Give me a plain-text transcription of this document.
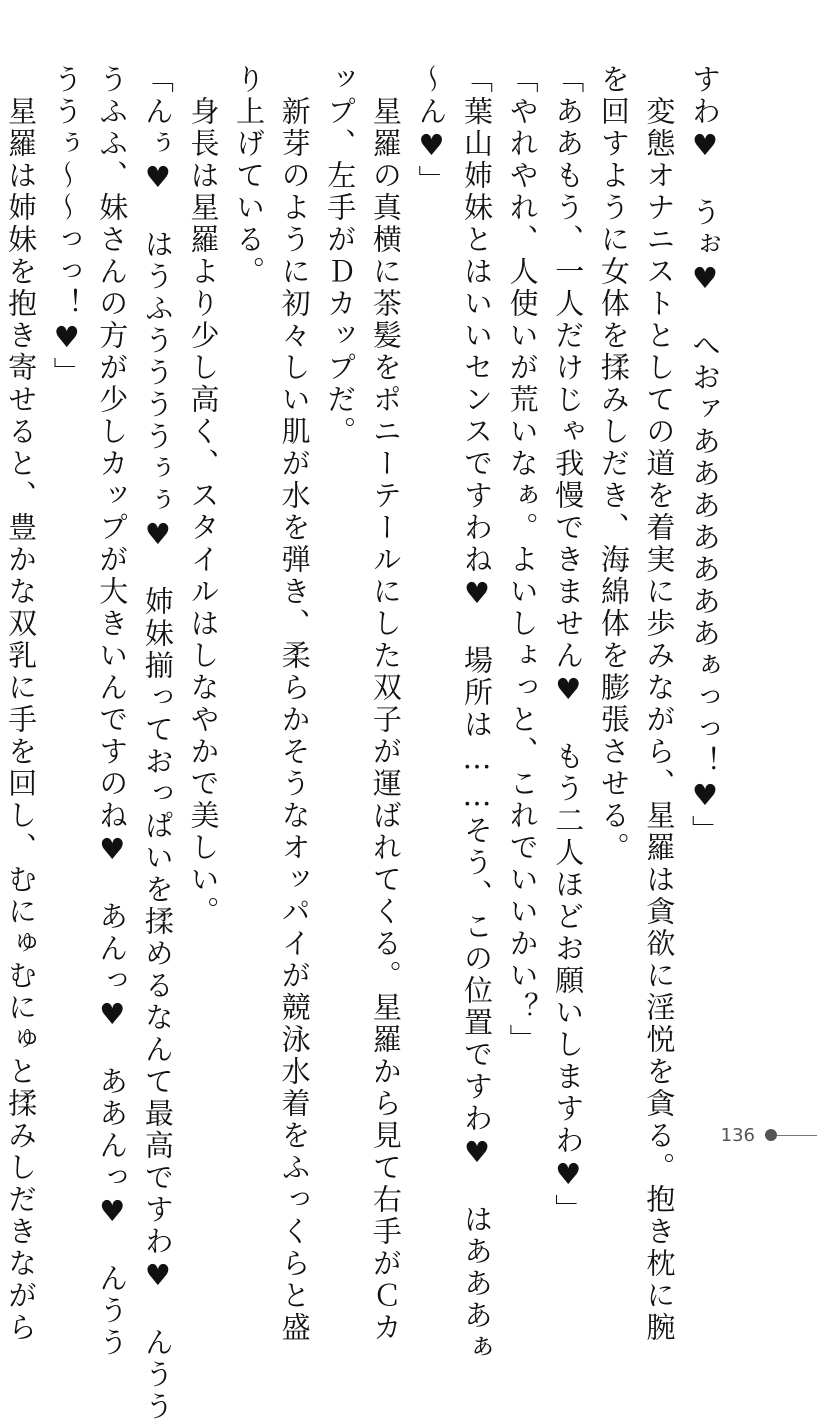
すわ♥　うぉ♥　へおァあああああああぁっっ！♥」
　変態オナニストとしての道を着実に歩みながら、星羅は貪欲に淫悦を貪る。抱き枕に腕
を回すように女体を揉みしだき、海綿体を膨張させる。
「ああもう、一人だけじゃ我慢できません♥　もう二人ほどお願いしますわ♥」
「やれやれ、人使いが荒いなぁ。よいしょっと、これでいいかい？」
「葉山姉妹とはいいセンスですわね♥　場所は……そう、この位置ですわ♥　はあああぁ
〜ん♥」
　星羅の真横に茶髪をポニーテールにした双子が運ばれてくる。星羅から見て右手がＣカ
ップ、左手がＤカップだ。
　新芽のように初々しい肌が水を弾き、柔らかそうなオッパイが競泳水着をふっくらと盛
り上げている。
　身長は星羅より少し高く、スタイルはしなやかで美しい。
「んぅ♥　はうふううううぅぅ♥　姉妹揃っておっぱいを揉めるなんて最高ですわ♥　んうう
うふふ、妹さんの方が少しカップが大きいんですのね♥　あんっ♥　ああんっ♥　んうう
ううぅ〜〜っっ！♥」
　星羅は姉妹を抱き寄せると、豊かな双乳に手を回し、むにゅむにゅと揉みしだきながら	136
